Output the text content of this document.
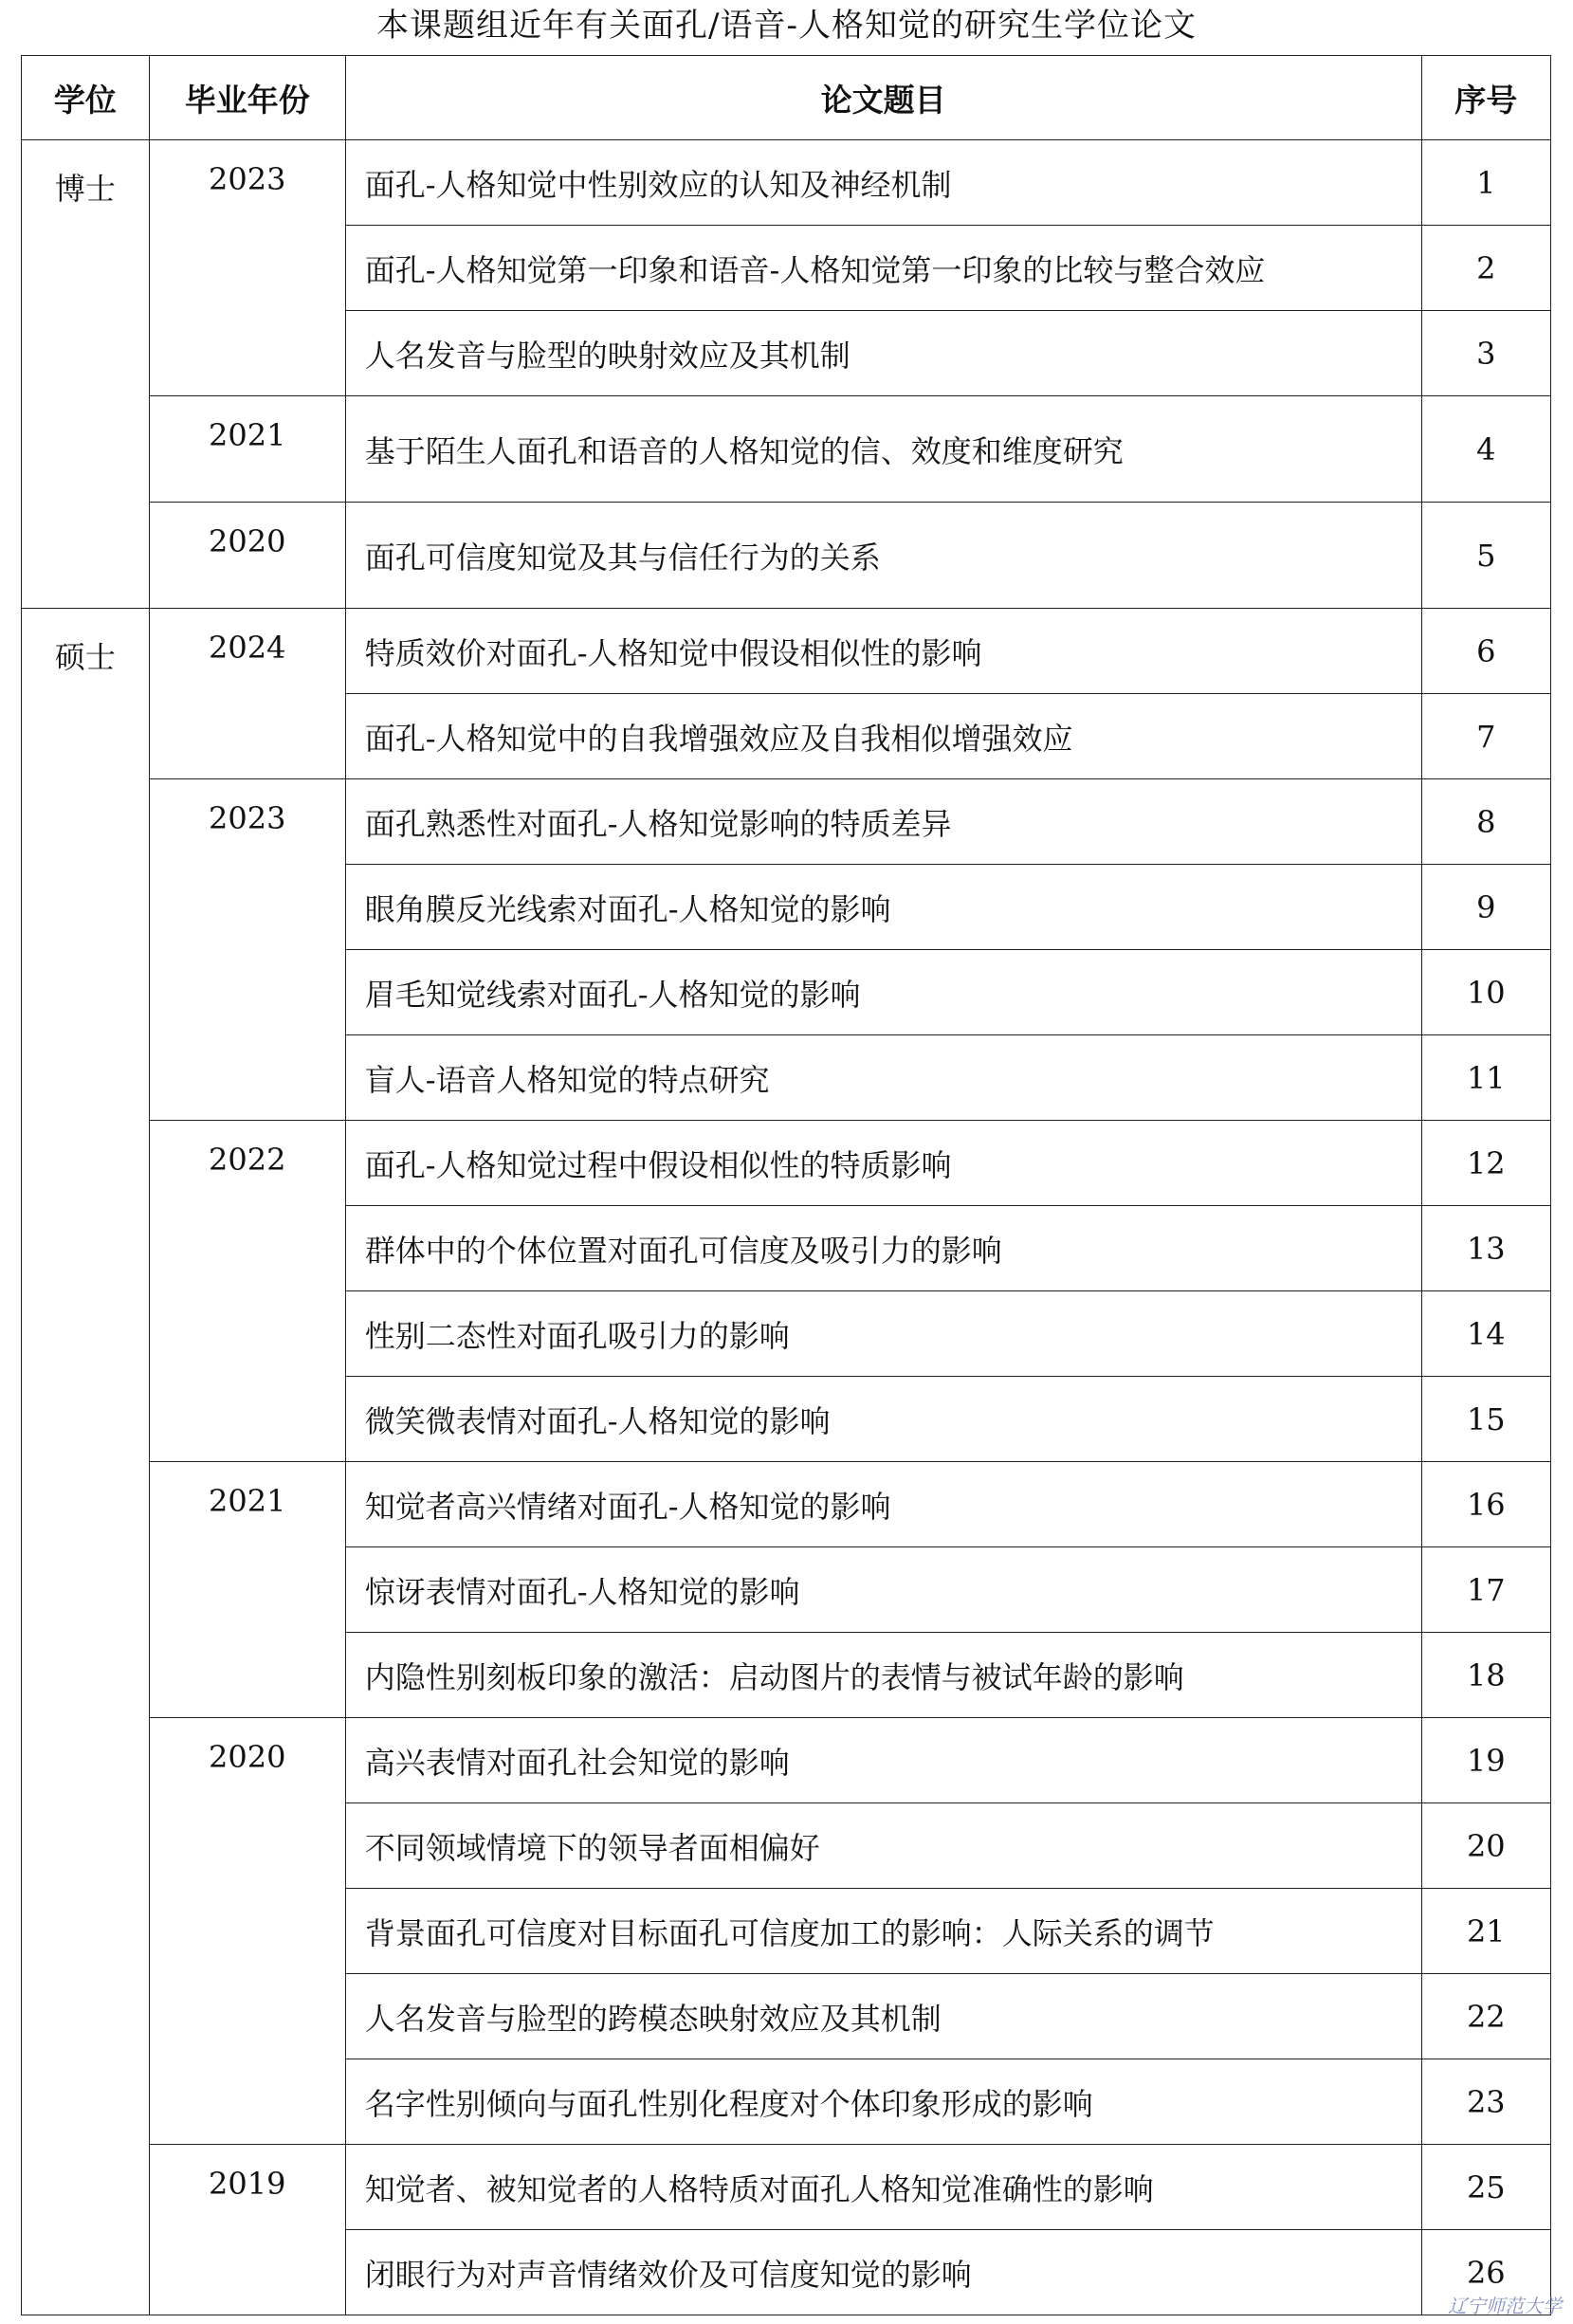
本课题组近年有关面孔/语音-人格知觉的研究生学位论文
学位	毕业年份	论文题目	序号
博士	2023	面孔-人格知觉中性别效应的认知及神经机制	1
		面孔-人格知觉第一印象和语音-人格知觉第一印象的比较与整合效应	2
		人名发音与脸型的映射效应及其机制	3
	2021	基于陌生人面孔和语音的人格知觉的信、效度和维度研究	4
	2020	面孔可信度知觉及其与信任行为的关系	5
硕士	2024	特质效价对面孔-人格知觉中假设相似性的影响	6
		面孔-人格知觉中的自我增强效应及自我相似增强效应	7
	2023	面孔熟悉性对面孔-人格知觉影响的特质差异	8
		眼角膜反光线索对面孔-人格知觉的影响	9
		眉毛知觉线索对面孔-人格知觉的影响	10
		盲人-语音人格知觉的特点研究	11
	2022	面孔-人格知觉过程中假设相似性的特质影响	12
		群体中的个体位置对面孔可信度及吸引力的影响	13
		性别二态性对面孔吸引力的影响	14
		微笑微表情对面孔-人格知觉的影响	15
	2021	知觉者高兴情绪对面孔-人格知觉的影响	16
		惊讶表情对面孔-人格知觉的影响	17
		内隐性别刻板印象的激活：启动图片的表情与被试年龄的影响	18
	2020	高兴表情对面孔社会知觉的影响	19
		不同领域情境下的领导者面相偏好	20
		背景面孔可信度对目标面孔可信度加工的影响：人际关系的调节	21
		人名发音与脸型的跨模态映射效应及其机制	22
		名字性别倾向与面孔性别化程度对个体印象形成的影响	23
	2019	知觉者、被知觉者的人格特质对面孔人格知觉准确性的影响	25
		闭眼行为对声音情绪效价及可信度知觉的影响	26
辽宁师范大学
